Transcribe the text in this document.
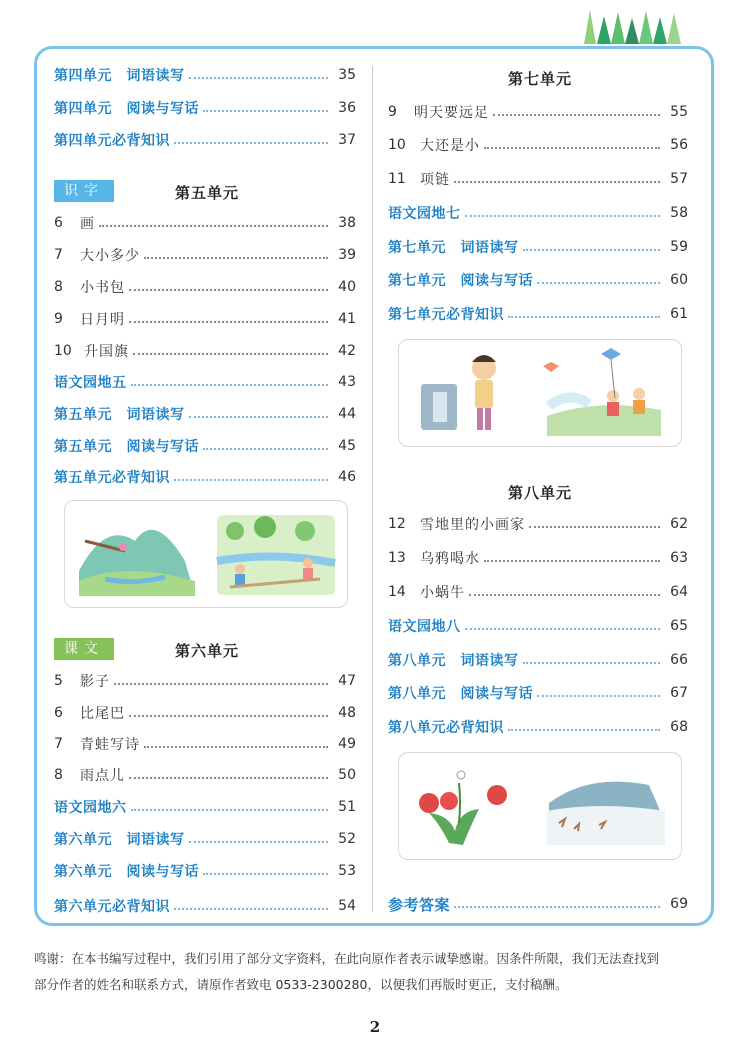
第四单元　词语读写	35
第四单元　阅读与写话	36
第四单元必背知识	37
识字	第五单元
6	画	38
7	大小多少	39
8	小书包	40
9	日月明	41
10 升国旗	42
语文园地五	43
第五单元　词语读写	44
第五单元　阅读与写话	45
第五单元必背知识	46
课文	第六单元
5	影子	47
6	比尾巴	48
7	青蛙写诗	49
8	雨点儿	50
语文园地六	51
第六单元　词语读写	52
第六单元　阅读与写话	53
第六单元必背知识	54
第七单元
9	明天要远足	55
10	大还是小	56
11	项链	57
语文园地七	58
第七单元　词语读写	59
第七单元　阅读与写话	60
第七单元必背知识	61
第八单元
12	雪地里的小画家	62
13	乌鸦喝水	63
14	小蜗牛	64
语文园地八	65
第八单元　词语读写	66
第八单元　阅读与写话	67
第八单元必背知识	68
参考答案	69
鸣谢：在本书编写过程中，我们引用了部分文字资料，在此向原作者表示诚挚感谢。因条件所限，我们无法查找到
部分作者的姓名和联系方式，请原作者致电 0533-2300280，以便我们再版时更正，支付稿酬。
2
